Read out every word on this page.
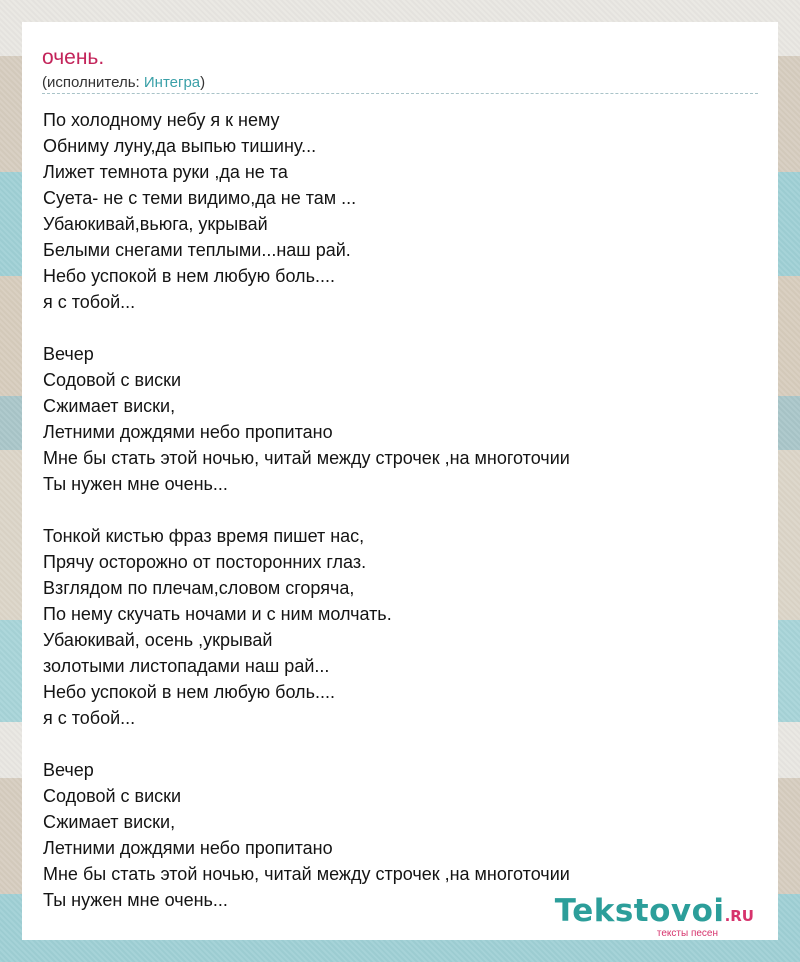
очень.
(исполнитель: Интегра)
По холодному небу я к нему
Обниму луну,да выпью тишину...
Лижет темнота руки ,да не та
Суета- не с теми видимо,да не там ...
Убаюкивай,вьюга, укрывай
Белыми снегами теплыми...наш рай.
Небо успокой в нем любую боль....
я с тобой...
Вечер
Содовой с виски
Сжимает виски,
Летними дождями небо пропитано
Мне бы стать этой ночью, читай между строчек ,на многоточии
Ты нужен мне очень...
Тонкой кистью фраз время пишет нас,
Прячу осторожно от посторонних глаз.
Взглядом по плечам,словом сгоряча,
По нему скучать ночами и с ним молчать.
Убаюкивай, осень ,укрывай
золотыми листопадами наш рай...
Небо успокой в нем любую боль....
я с тобой...
Вечер
Содовой с виски
Сжимает виски,
Летними дождями небо пропитано
Мне бы стать этой ночью, читай между строчек ,на многоточии
Ты нужен мне очень...	Tekstovoi.RU
тексты песен
